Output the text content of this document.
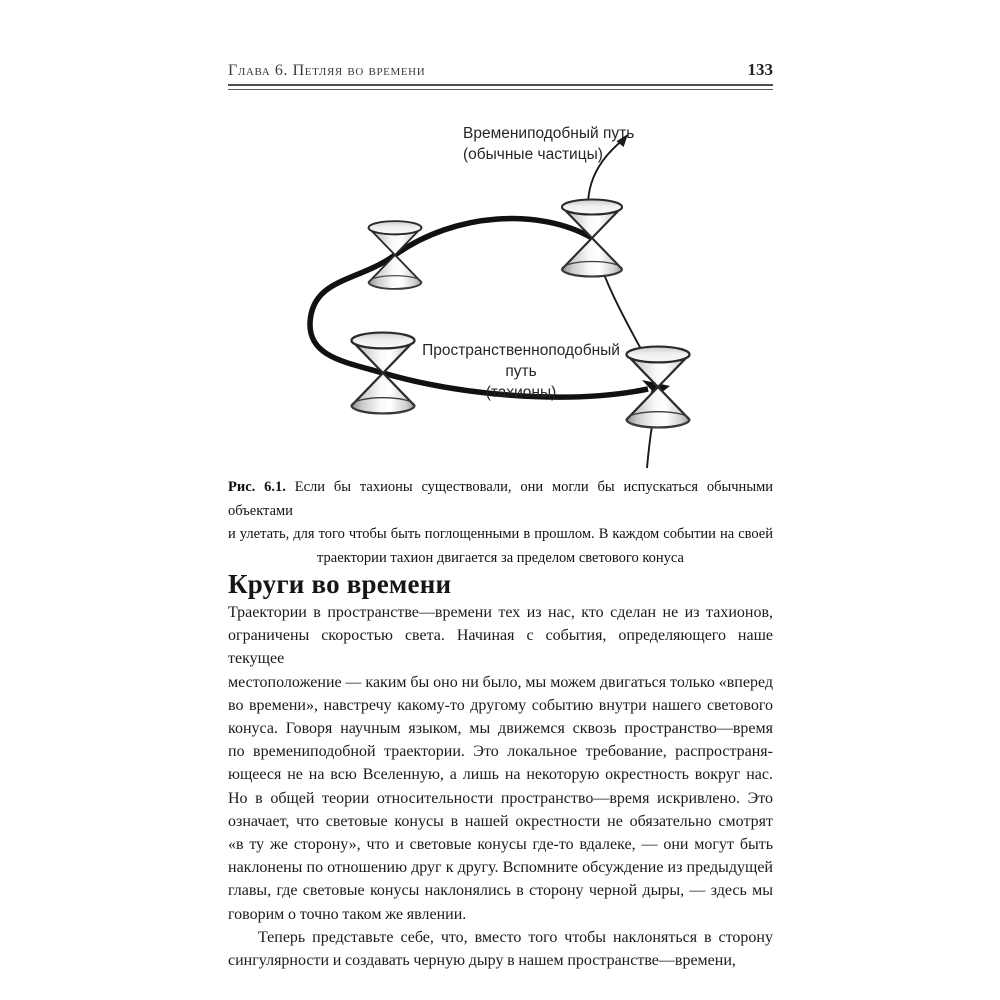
Глава 6. Петляя во времени	133
Времениподобный путь
(обычные частицы)
Пространственноподобный
путь
(тахионы)
Рис. 6.1. Если бы тахионы существовали, они могли бы испускаться обычными объектами
и улетать, для того чтобы быть поглощенными в прошлом. В каждом событии на своей
траектории тахион двигается за пределом светового конуса
Круги во времени
Траектории в пространстве—времени тех из нас, кто сделан не из тахионов,
ограничены скоростью света. Начиная с события, определяющего наше текущее
местоположение — каким бы оно ни было, мы можем двигаться только «вперед
во времени», навстречу какому-то другому событию внутри нашего светового
конуса. Говоря научным языком, мы движемся сквозь пространство—время
по времениподобной траектории. Это локальное требование, распространя-
ющееся не на всю Вселенную, а лишь на некоторую окрестность вокруг нас.
Но в общей теории относительности пространство—время искривлено. Это
означает, что световые конусы в нашей окрестности не обязательно смотрят
«в ту же сторону», что и световые конусы где-то вдалеке, — они могут быть
наклонены по отношению друг к другу. Вспомните обсуждение из предыдущей
главы, где световые конусы наклонялись в сторону черной дыры, — здесь мы
говорим о точно таком же явлении.
Теперь представьте себе, что, вместо того чтобы наклоняться в сторону
сингулярности и создавать черную дыру в нашем пространстве—времени,
